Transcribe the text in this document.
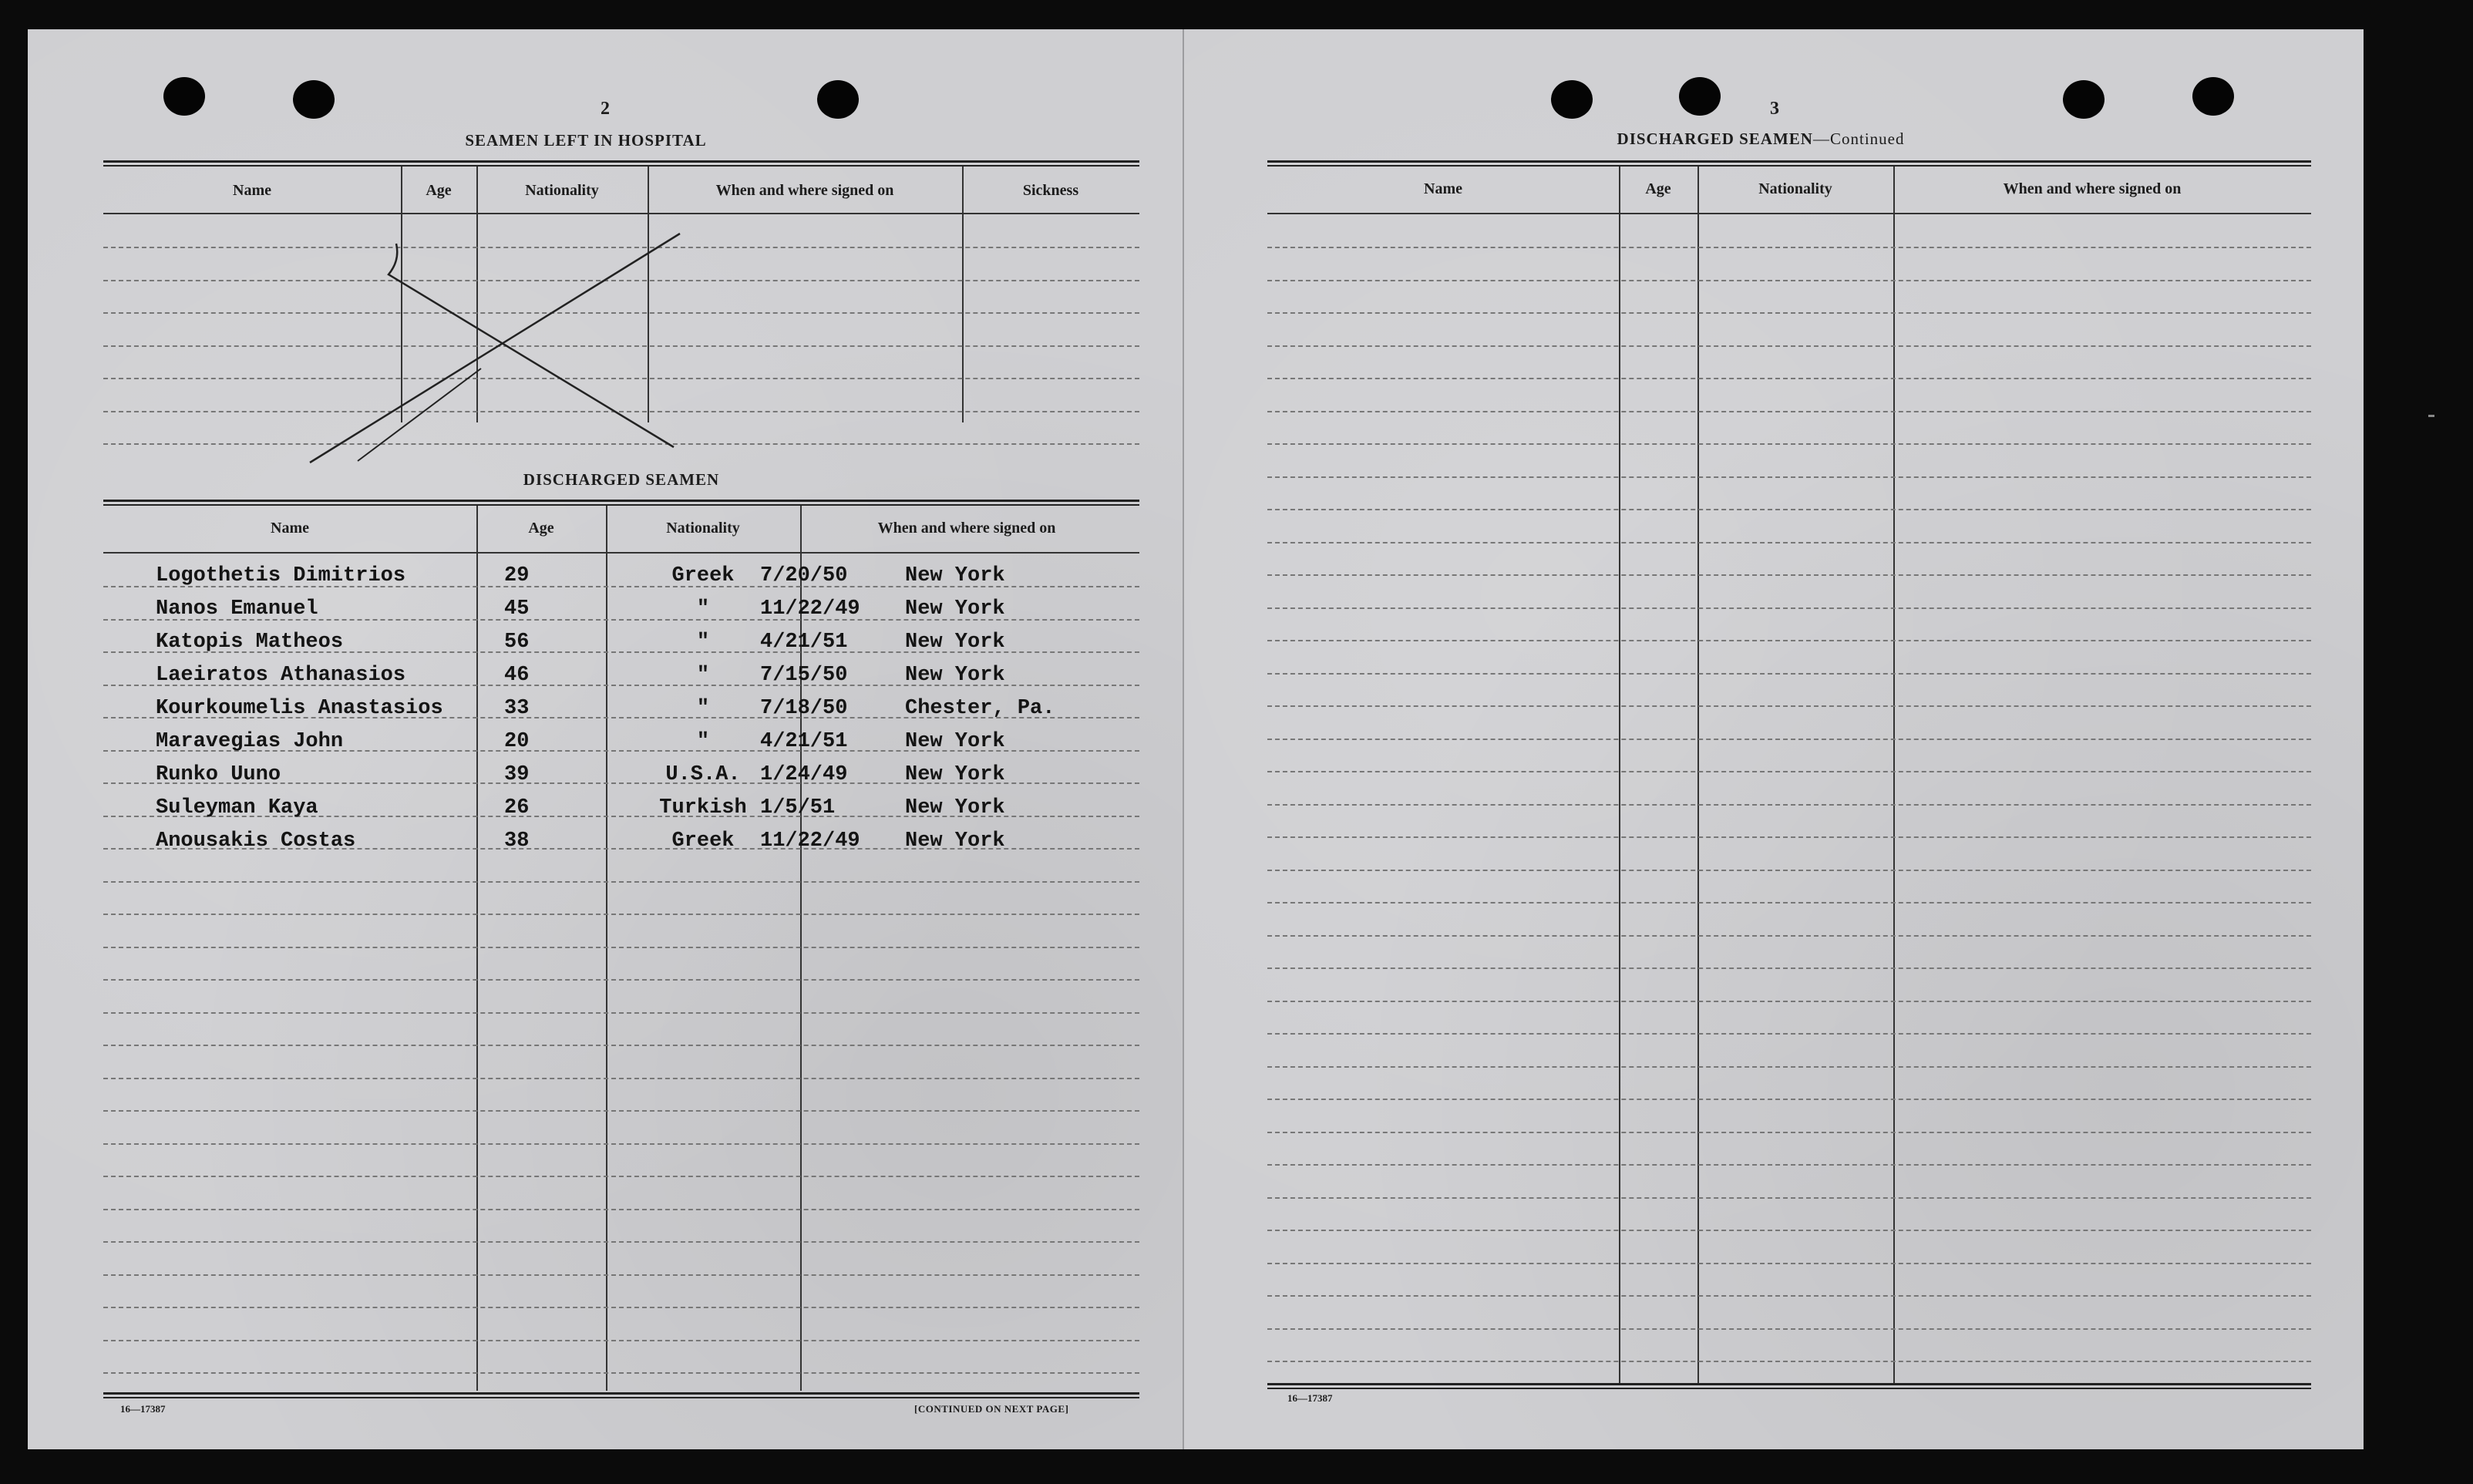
2
SEAMEN LEFT IN HOSPITAL
Name	Age	Nationality	When and where signed on	Sickness
DISCHARGED SEAMEN
Name	Age	Nationality	When and where signed on
Logothetis Dimitrios	29	Greek 7/20/50	New York
Nanos Emanuel	45	" 11/22/49 New York
Katopis Matheos	56	" 4/21/51	New York
Laeiratos Athanasios	46	" 7/15/50	New York
Kourkoumelis Anastasios	33	" 7/18/50	Chester, Pa.
Maravegias John	20	" 4/21/51	New York
Runko Uuno	39	U.S.A. 1/24/49	New York
Suleyman Kaya	26	Turkish 1/5/51	New York
Anousakis Costas	38	Greek 11/22/49 New York
16—17387	[CONTINUED ON NEXT PAGE]
3
DISCHARGED SEAMEN—Continued
Name	Age	Nationality	When and where signed on
16—17387
